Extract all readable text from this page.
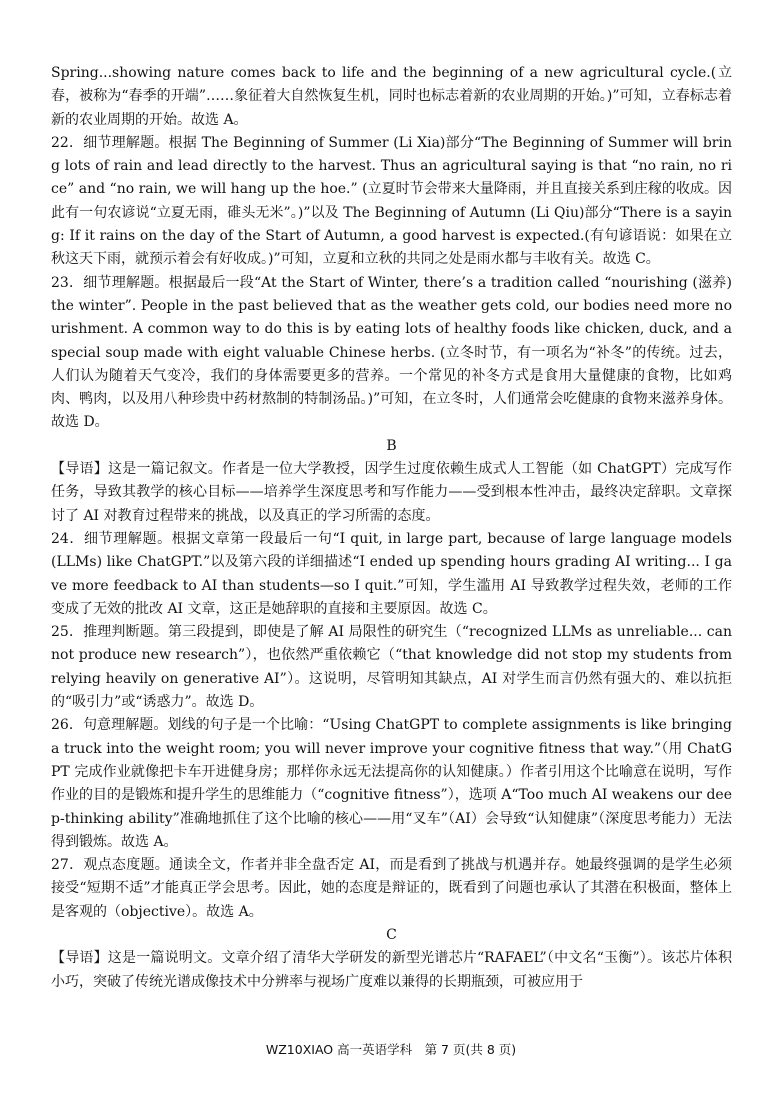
Spring...showing nature comes back to life and the beginning of a new agricultural cycle.(立春，被称为“春季的开端”……象征着大自然恢复生机，同时也标志着新的农业周期的开始。)”可知，立春标志着新的农业周期的开始。故选 A。

22．细节理解题。根据 The Beginning of Summer (Li Xia)部分“The Beginning of Summer will bring lots of rain and lead directly to the harvest. Thus an agricultural saying is that “no rain, no rice” and “no rain, we will hang up the hoe.” (立夏时节会带来大量降雨，并且直接关系到庄稼的收成。因此有一句农谚说“立夏无雨，碓头无米”。)”以及 The Beginning of Autumn (Li Qiu)部分“There is a saying: If it rains on the day of the Start of Autumn, a good harvest is expected.(有句谚语说：如果在立秋这天下雨，就预示着会有好收成。)”可知，立夏和立秋的共同之处是雨水都与丰收有关。故选 C。

23．细节理解题。根据最后一段“At the Start of Winter, there’s a tradition called “nourishing (滋养) the winter”. People in the past believed that as the weather gets cold, our bodies need more nourishment. A common way to do this is by eating lots of healthy foods like chicken, duck, and a special soup made with eight valuable Chinese herbs. (立冬时节，有一项名为“补冬”的传统。过去，人们认为随着天气变冷，我们的身体需要更多的营养。一个常见的补冬方式是食用大量健康的食物，比如鸡肉、鸭肉，以及用八种珍贵中药材熬制的特制汤品。)”可知，在立冬时，人们通常会吃健康的食物来滋养身体。故选 D。

B

【导语】这是一篇记叙文。作者是一位大学教授，因学生过度依赖生成式人工智能（如 ChatGPT）完成写作任务，导致其教学的核心目标——培养学生深度思考和写作能力——受到根本性冲击，最终决定辞职。文章探讨了 AI 对教育过程带来的挑战，以及真正的学习所需的态度。

24．细节理解题。根据文章第一段最后一句“I quit, in large part, because of large language models (LLMs) like ChatGPT.”以及第六段的详细描述“I ended up spending hours grading AI writing... I gave more feedback to AI than students—so I quit.”可知，学生滥用 AI 导致教学过程失效，老师的工作变成了无效的批改 AI 文章，这正是她辞职的直接和主要原因。故选 C。

25．推理判断题。第三段提到，即使是了解 AI 局限性的研究生（“recognized LLMs as unreliable... cannot produce new research”），也依然严重依赖它（“that knowledge did not stop my students from relying heavily on generative AI”）。这说明，尽管明知其缺点，AI 对学生而言仍然有强大的、难以抗拒的“吸引力”或“诱惑力”。故选 D。

26．句意理解题。划线的句子是一个比喻：“Using ChatGPT to complete assignments is like bringing a truck into the weight room; you will never improve your cognitive fitness that way.”（用 ChatGPT 完成作业就像把卡车开进健身房；那样你永远无法提高你的认知健康。）作者引用这个比喻意在说明，写作作业的目的是锻炼和提升学生的思维能力（“cognitive fitness”），选项 A“Too much AI weakens our deep-thinking ability”准确地抓住了这个比喻的核心——用“叉车”（AI）会导致“认知健康”（深度思考能力）无法得到锻炼。故选 A。

27．观点态度题。通读全文，作者并非全盘否定 AI，而是看到了挑战与机遇并存。她最终强调的是学生必须接受“短期不适”才能真正学会思考。因此，她的态度是辩证的，既看到了问题也承认了其潜在积极面，整体上是客观的（objective）。故选 A。

C

【导语】这是一篇说明文。文章介绍了清华大学研发的新型光谱芯片“RAFAEL”（中文名“玉衡”）。该芯片体积小巧，突破了传统光谱成像技术中分辨率与视场广度难以兼得的长期瓶颈，可被应用于

WZ10XIAO 高一英语学科　第 7 页(共 8 页)
